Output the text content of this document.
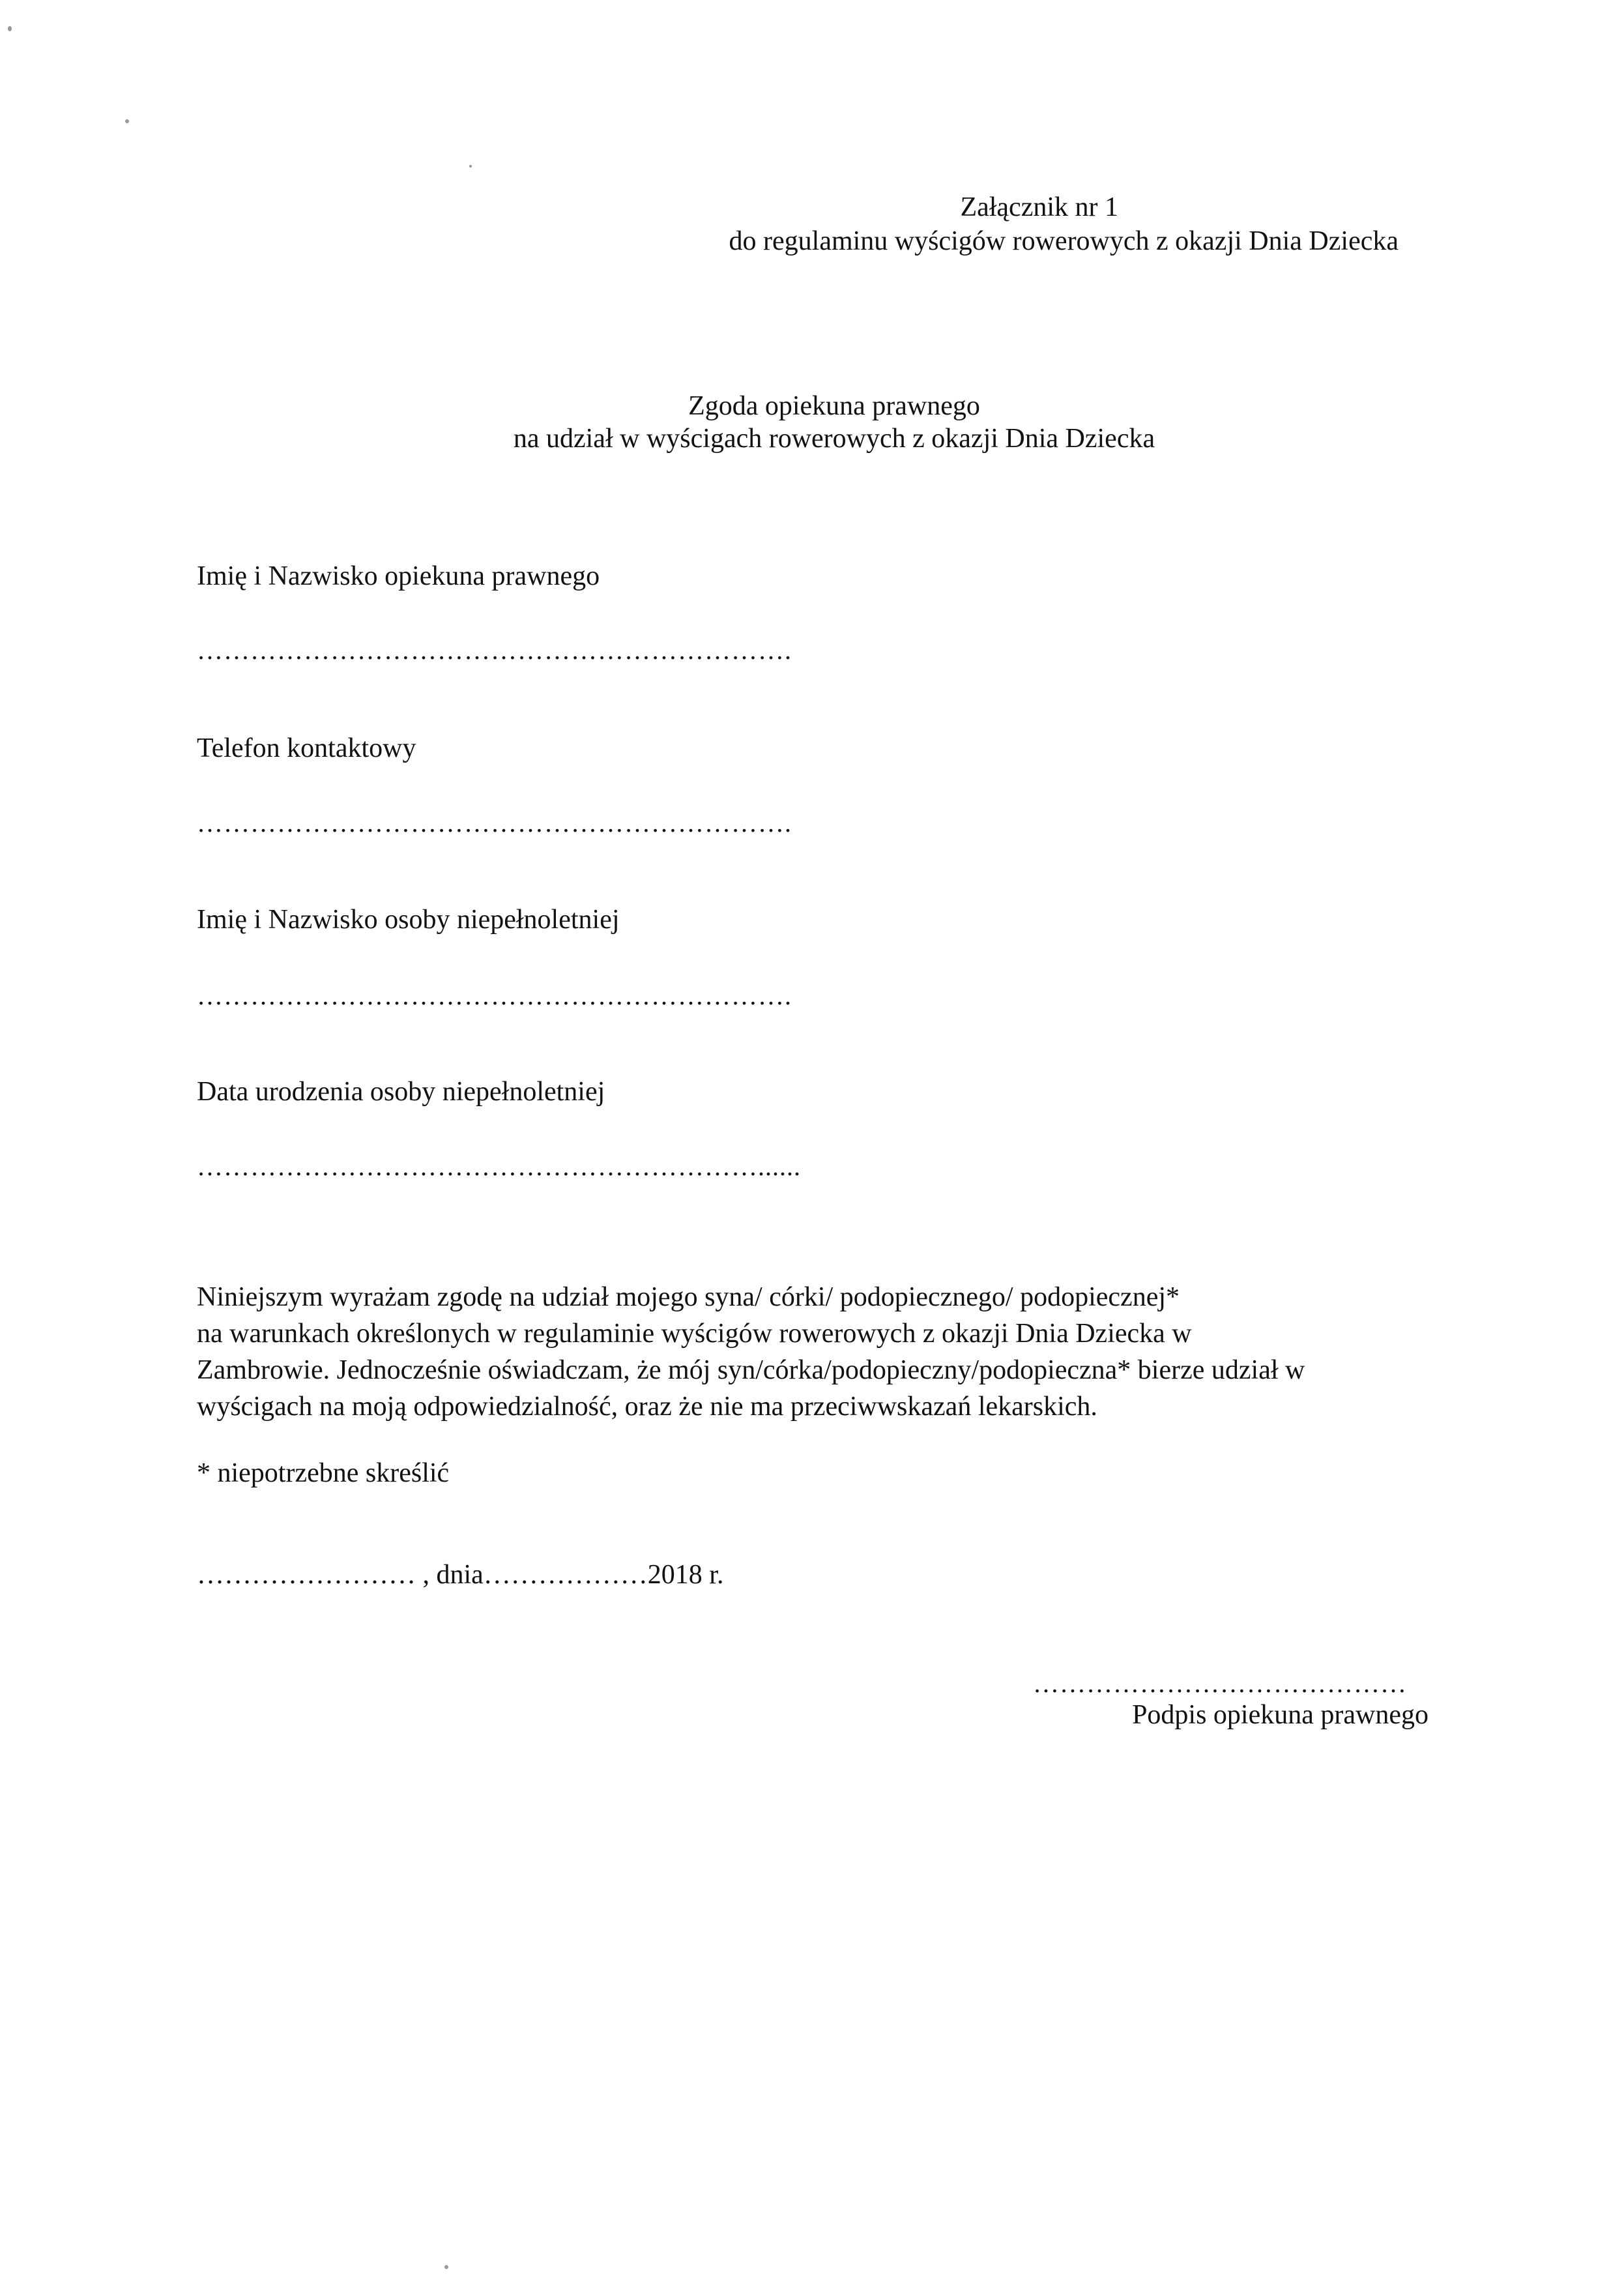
Załącznik nr 1

do regulaminu wyścigów rowerowych z okazji Dnia Dziecka

Zgoda opiekuna prawnego

na udział w wyścigach rowerowych z okazji Dnia Dziecka

Imię i Nazwisko opiekuna prawnego

………………………………………………………….

Telefon kontaktowy

………………………………………………………….

Imię i Nazwisko osoby niepełnoletniej

………………………………………………………….

Data urodzenia osoby niepełnoletniej

………………………………………………………......

Niniejszym wyrażam zgodę na udział mojego syna/ córki/ podopiecznego/ podopiecznej*

na warunkach określonych w regulaminie wyścigów rowerowych z okazji Dnia Dziecka w

Zambrowie. Jednocześnie oświadczam, że mój syn/córka/podopieczny/podopieczna* bierze udział w

wyścigach na moją odpowiedzialność, oraz że nie ma przeciwwskazań lekarskich.

* niepotrzebne skreślić

…………………… , dnia………………2018 r.

……………………………………

Podpis opiekuna prawnego
